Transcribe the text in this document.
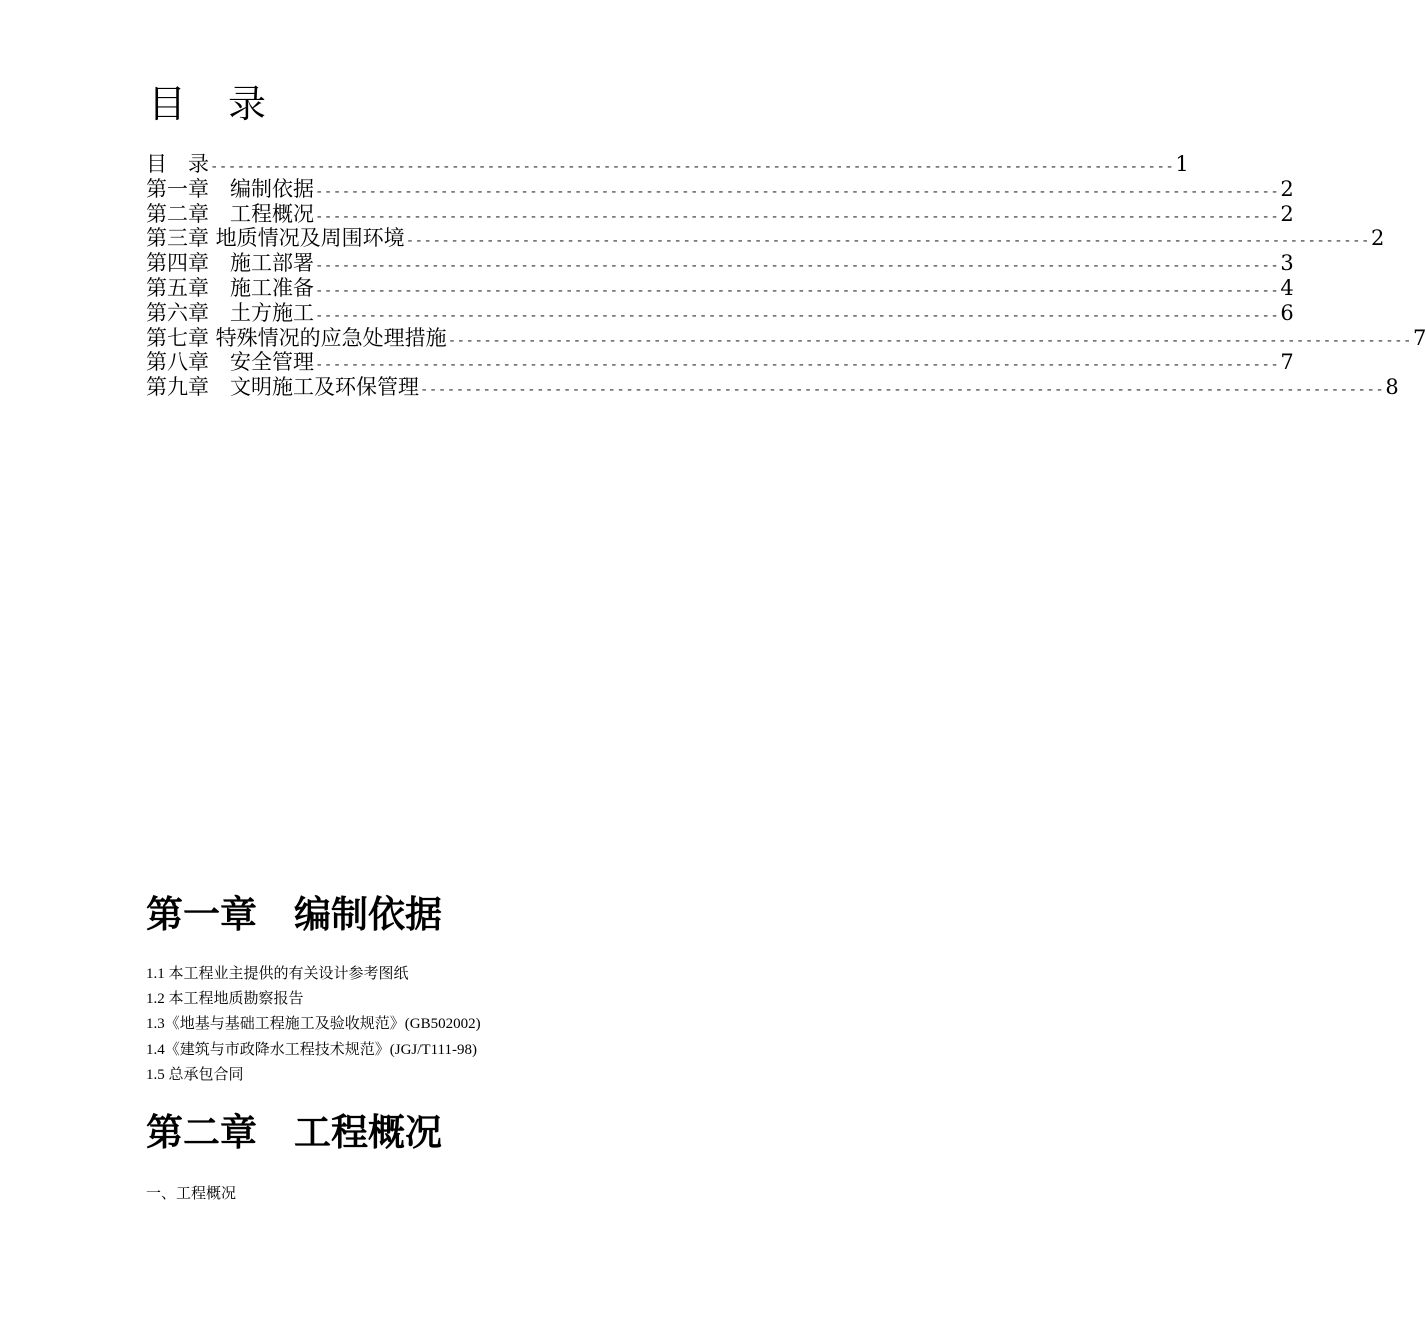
目　录
目　录 ------------------------------------------------------------------------------------------------------------ 1
第一章　编制依据 ------------------------------------------------------------------------------------------------------------ 2
第二章　工程概况 ------------------------------------------------------------------------------------------------------------ 2
第三章 地质情况及周围环境 ------------------------------------------------------------------------------------------------------------ 2
第四章　施工部署 ------------------------------------------------------------------------------------------------------------ 3
第五章　施工准备 ------------------------------------------------------------------------------------------------------------ 4
第六章　土方施工 ------------------------------------------------------------------------------------------------------------ 6
第七章 特殊情况的应急处理措施 ------------------------------------------------------------------------------------------------------------ 7
第八章　安全管理 ------------------------------------------------------------------------------------------------------------ 7
第九章　文明施工及环保管理 ------------------------------------------------------------------------------------------------------------ 8
第一章　编制依据
1.1 本工程业主提供的有关设计参考图纸
1.2 本工程地质勘察报告
1.3《地基与基础工程施工及验收规范》(GB502002)
1.4《建筑与市政降水工程技术规范》(JGJ/T111-98)
1.5 总承包合同
第二章　工程概况
一、工程概况
